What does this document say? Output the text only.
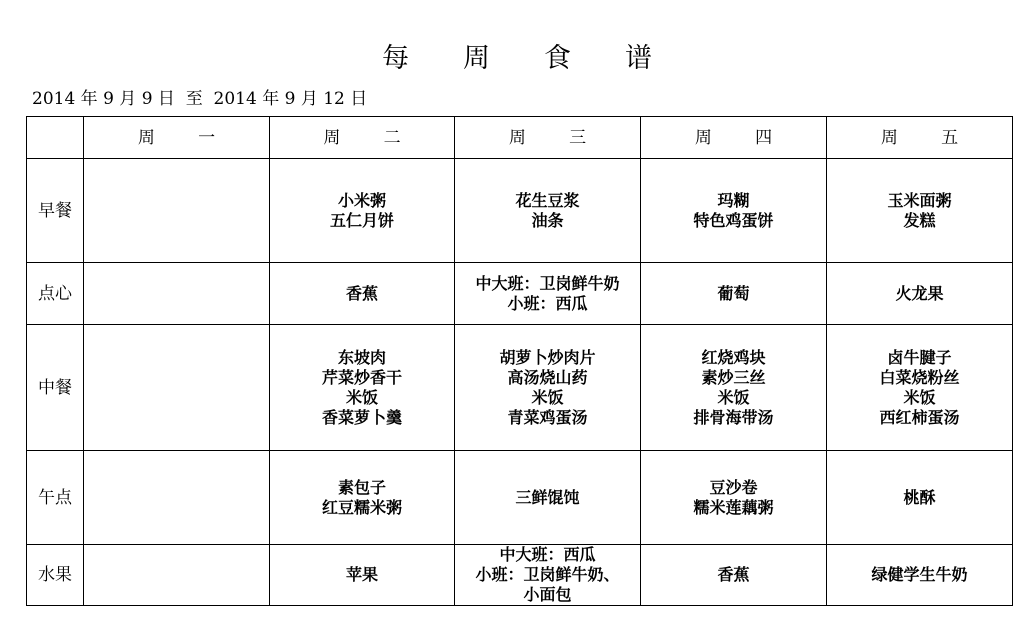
每　　周　　食　　谱
2014 年 9 月 9 日  至  2014 年 9 月 12 日
	周        一	周        二	周        三	周        四	周        五
早餐		小米粥
五仁月饼	花生豆浆
油条	玛糊
特色鸡蛋饼	玉米面粥
发糕

点心		香蕉	中大班：卫岗鲜牛奶
小班：西瓜	葡萄	火龙果

中餐		东坡肉
芹菜炒香干
米饭
香菜萝卜羹	胡萝卜炒肉片
高汤烧山药
米饭
青菜鸡蛋汤	红烧鸡块
素炒三丝
米饭
排骨海带汤	卤牛腱子
白菜烧粉丝
米饭
西红柿蛋汤

午点		素包子
红豆糯米粥	三鲜馄饨	豆沙卷
糯米莲藕粥	桃酥

水果		苹果	中大班：西瓜
小班：卫岗鲜牛奶、
小面包	香蕉	绿健学生牛奶
